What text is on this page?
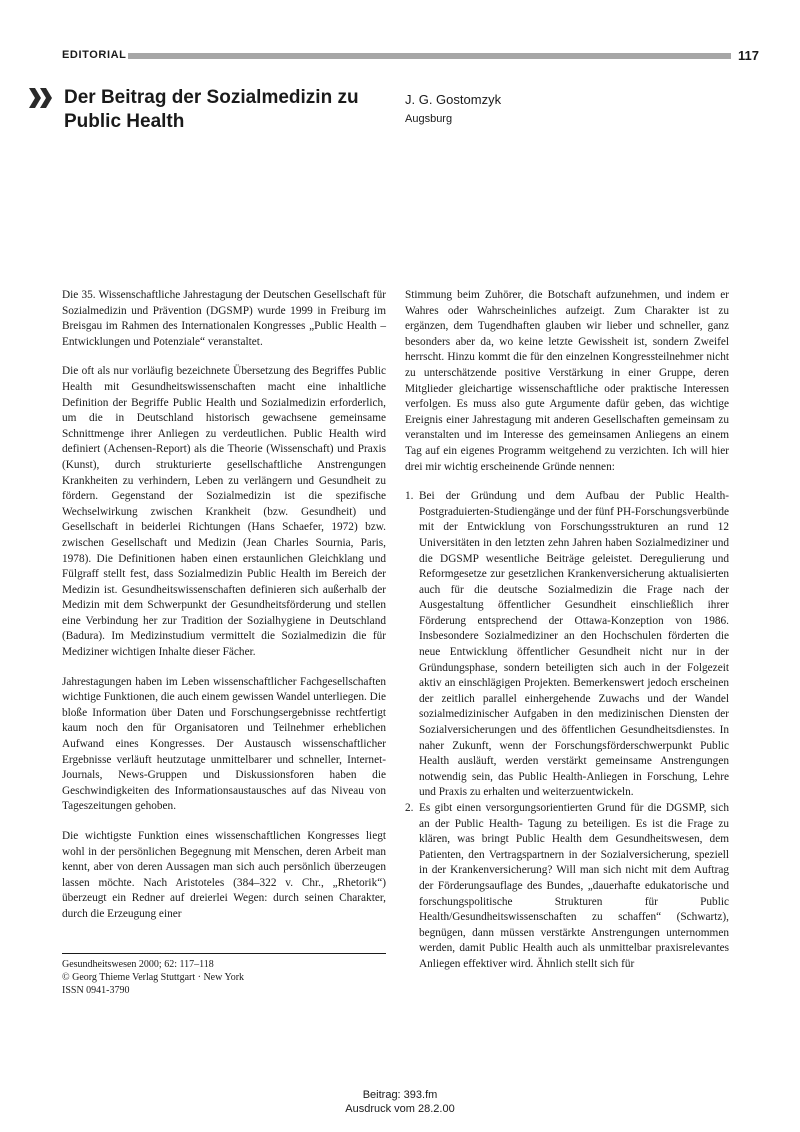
EDITORIAL	117
Der Beitrag der Sozialmedizin zu Public Health
J. G. Gostomzyk
Augsburg

Die 35. Wissenschaftliche Jahrestagung der Deutschen Gesellschaft für Sozialmedizin und Prävention (DGSMP) wurde 1999 in Freiburg im Breisgau im Rahmen des Internationalen Kongresses „Public Health – Entwicklungen und Potenziale“ veranstaltet.

Die oft als nur vorläufig bezeichnete Übersetzung des Begriffes Public Health mit Gesundheitswissenschaften macht eine inhaltliche Definition der Begriffe Public Health und Sozialmedizin erforderlich, um die in Deutschland historisch gewachsene gemeinsame Schnittmenge ihrer Anliegen zu verdeutlichen. Public Health wird definiert (Achensen-Report) als die Theorie (Wissenschaft) und Praxis (Kunst), durch strukturierte gesellschaftliche Anstrengungen Krankheiten zu verhindern, Leben zu verlängern und Gesundheit zu fördern. Gegenstand der Sozialmedizin ist die spezifische Wechselwirkung zwischen Krankheit (bzw. Gesundheit) und Gesellschaft in beiderlei Richtungen (Hans Schaefer, 1972) bzw. zwischen Gesellschaft und Medizin (Jean Charles Sournia, Paris, 1978). Die Definitionen haben einen erstaunlichen Gleichklang und Fülgraff stellt fest, dass Sozialmedizin Public Health im Bereich der Medizin ist. Gesundheitswissenschaften definieren sich außerhalb der Medizin mit dem Schwerpunkt der Gesundheitsförderung und stellen eine Verbindung her zur Tradition der Sozialhygiene in Deutschland (Badura). Im Medizinstudium vermittelt die Sozialmedizin die für Mediziner wichtigen Inhalte dieser Fächer.

Jahrestagungen haben im Leben wissenschaftlicher Fachgesellschaften wichtige Funktionen, die auch einem gewissen Wandel unterliegen. Die bloße Information über Daten und Forschungsergebnisse rechtfertigt kaum noch den für Organisatoren und Teilnehmer erheblichen Aufwand eines Kongresses. Der Austausch wissenschaftlicher Ergebnisse verläuft heutzutage unmittelbarer und schneller, Internet-Journals, News-Gruppen und Diskussionsforen haben die Geschwindigkeiten des Informationsaustausches auf das Niveau von Tageszeitungen gehoben.

Die wichtigste Funktion eines wissenschaftlichen Kongresses liegt wohl in der persönlichen Begegnung mit Menschen, deren Arbeit man kennt, aber von deren Aussagen man sich auch persönlich überzeugen lassen möchte. Nach Aristoteles (384–322 v. Chr., „Rhetorik“) überzeugt ein Redner auf dreierlei Wegen: durch seinen Charakter, durch die Erzeugung einer

Gesundheitswesen 2000; 62: 117–118
© Georg Thieme Verlag Stuttgart · New York
ISSN 0941-3790

Stimmung beim Zuhörer, die Botschaft aufzunehmen, und indem er Wahres oder Wahrscheinliches aufzeigt. Zum Charakter ist zu ergänzen, dem Tugendhaften glauben wir lieber und schneller, ganz besonders aber da, wo keine letzte Gewissheit ist, sondern Zweifel herrscht. Hinzu kommt die für den einzelnen Kongressteilnehmer nicht zu unterschätzende positive Verstärkung in einer Gruppe, deren Mitglieder gleichartige wissenschaftliche oder praktische Interessen verfolgen. Es muss also gute Argumente dafür geben, das wichtige Ereignis einer Jahrestagung mit anderen Gesellschaften gemeinsam zu veranstalten und im Interesse des gemeinsamen Anliegens an einem Tag auf ein eigenes Programm weitgehend zu verzichten. Ich will hier drei mir wichtig erscheinende Gründe nennen:

1. Bei der Gründung und dem Aufbau der Public Health-Postgraduierten-Studiengänge und der fünf PH-Forschungsverbünde mit der Entwicklung von Forschungsstrukturen an rund 12 Universitäten in den letzten zehn Jahren haben Sozialmediziner und die DGSMP wesentliche Beiträge geleistet. Deregulierung und Reformgesetze zur gesetzlichen Krankenversicherung aktualisierten auch für die deutsche Sozialmedizin die Frage nach der Ausgestaltung öffentlicher Gesundheit einschließlich ihrer Förderung entsprechend der Ottawa-Konzeption von 1986. Insbesondere Sozialmediziner an den Hochschulen förderten die neue Entwicklung öffentlicher Gesundheit nicht nur in der Gründungsphase, sondern beteiligten sich auch in der Folgezeit aktiv an einschlägigen Projekten. Bemerkenswert jedoch erscheinen der zeitlich parallel einhergehende Zuwachs und der Wandel sozialmedizinischer Aufgaben in den medizinischen Diensten der Sozialversicherungen und des öffentlichen Gesundheitsdienstes. In naher Zukunft, wenn der Forschungsförderschwerpunkt Public Health ausläuft, werden verstärkt gemeinsame Anstrengungen notwendig sein, das Public Health-Anliegen in Forschung, Lehre und Praxis zu erhalten und weiterzuentwickeln.
2. Es gibt einen versorgungsorientierten Grund für die DGSMP, sich an der Public Health- Tagung zu beteiligen. Es ist die Frage zu klären, was bringt Public Health dem Gesundheitswesen, dem Patienten, den Vertragspartnern in der Sozialversicherung, speziell in der Krankenversicherung? Will man sich nicht mit dem Auftrag der Förderungsauflage des Bundes, „dauerhafte edukatorische und forschungspolitische Strukturen für Public Health/Gesundheitswissenschaften zu schaffen“ (Schwartz), begnügen, dann müssen verstärkte Anstrengungen unternommen werden, damit Public Health auch als unmittelbar praxisrelevantes Anliegen effektiver wird. Ähnlich stellt sich für
Beitrag: 393.fm
Ausdruck vom 28.2.00
